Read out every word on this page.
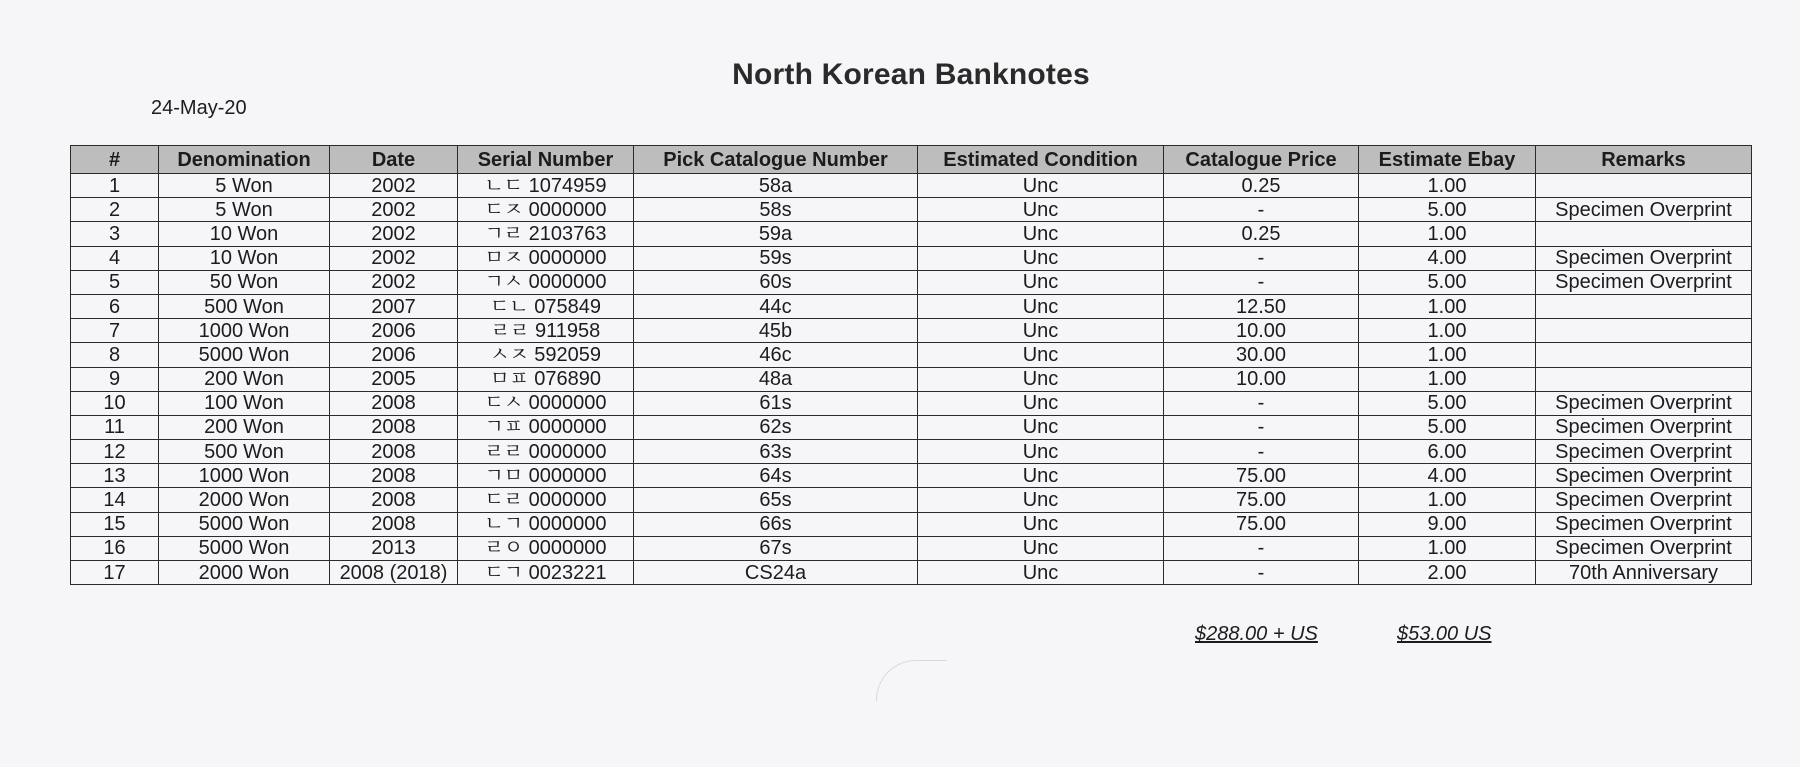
North Korean Banknotes
24-May-20
#	Denomination	Date	Serial Number	Pick Catalogue Number	Estimated Condition	Catalogue Price	Estimate Ebay	Remarks
1	5 Won	2002	ㄴㄷ 1074959	58a	Unc	0.25	1.00	
2	5 Won	2002	ㄷㅈ 0000000	58s	Unc	-	5.00	Specimen Overprint
3	10 Won	2002	ㄱㄹ 2103763	59a	Unc	0.25	1.00	
4	10 Won	2002	ㅁㅈ 0000000	59s	Unc	-	4.00	Specimen Overprint
5	50 Won	2002	ㄱㅅ 0000000	60s	Unc	-	5.00	Specimen Overprint
6	500 Won	2007	ㄷㄴ 075849	44c	Unc	12.50	1.00	
7	1000 Won	2006	ㄹㄹ 911958	45b	Unc	10.00	1.00	
8	5000 Won	2006	ㅅㅈ 592059	46c	Unc	30.00	1.00	
9	200 Won	2005	ㅁㅍ 076890	48a	Unc	10.00	1.00	
10	100 Won	2008	ㄷㅅ 0000000	61s	Unc	-	5.00	Specimen Overprint
11	200 Won	2008	ㄱㅍ 0000000	62s	Unc	-	5.00	Specimen Overprint
12	500 Won	2008	ㄹㄹ 0000000	63s	Unc	-	6.00	Specimen Overprint
13	1000 Won	2008	ㄱㅁ 0000000	64s	Unc	75.00	4.00	Specimen Overprint
14	2000 Won	2008	ㄷㄹ 0000000	65s	Unc	75.00	1.00	Specimen Overprint
15	5000 Won	2008	ㄴㄱ 0000000	66s	Unc	75.00	9.00	Specimen Overprint
16	5000 Won	2013	ㄹㅇ 0000000	67s	Unc	-	1.00	Specimen Overprint
17	2000 Won	2008 (2018)	ㄷㄱ 0023221	CS24a	Unc	-	2.00	70th Anniversary
$288.00 + US	$53.00 US
